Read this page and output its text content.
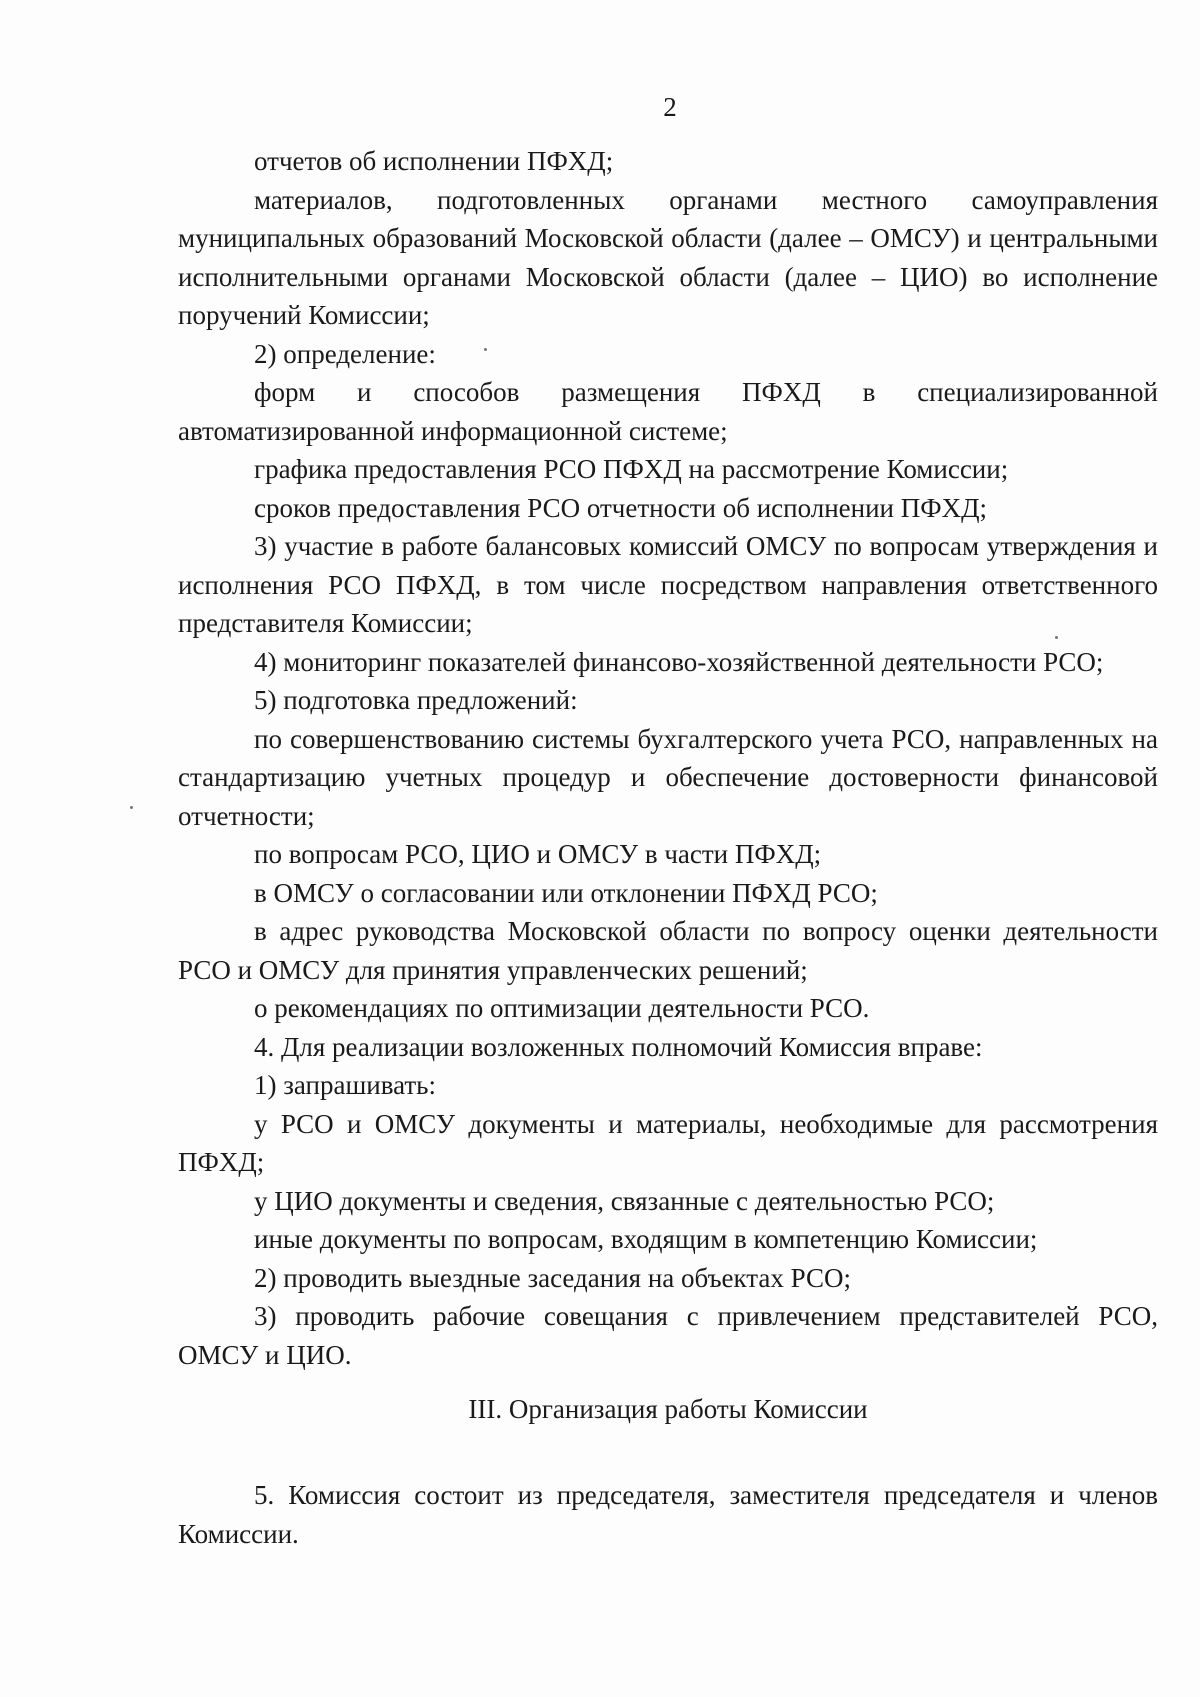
2

отчетов об исполнении ПФХД;

материалов, подготовленных органами местного самоуправления муниципальных образований Московской области (далее – ОМСУ) и центральными исполнительными органами Московской области (далее – ЦИО) во исполнение поручений Комиссии;

2) определение:

форм и способов размещения ПФХД в специализированной автоматизированной информационной системе;

графика предоставления РСО ПФХД на рассмотрение Комиссии;

сроков предоставления РСО отчетности об исполнении ПФХД;

3) участие в работе балансовых комиссий ОМСУ по вопросам утверждения и исполнения РСО ПФХД, в том числе посредством направления ответственного представителя Комиссии;

4) мониторинг показателей финансово-хозяйственной деятельности РСО;

5) подготовка предложений:

по совершенствованию системы бухгалтерского учета РСО, направленных на стандартизацию учетных процедур и обеспечение достоверности финансовой отчетности;

по вопросам РСО, ЦИО и ОМСУ в части ПФХД;

в ОМСУ о согласовании или отклонении ПФХД РСО;

в адрес руководства Московской области по вопросу оценки деятельности РСО и ОМСУ для принятия управленческих решений;

о рекомендациях по оптимизации деятельности РСО.

4. Для реализации возложенных полномочий Комиссия вправе:

1) запрашивать:

у РСО и ОМСУ документы и материалы, необходимые для рассмотрения ПФХД;

у ЦИО документы и сведения, связанные с деятельностью РСО;

иные документы по вопросам, входящим в компетенцию Комиссии;

2) проводить выездные заседания на объектах РСО;

3) проводить рабочие совещания с привлечением представителей РСО, ОМСУ и ЦИО.

III. Организация работы Комиссии

5. Комиссия состоит из председателя, заместителя председателя и членов Комиссии.
